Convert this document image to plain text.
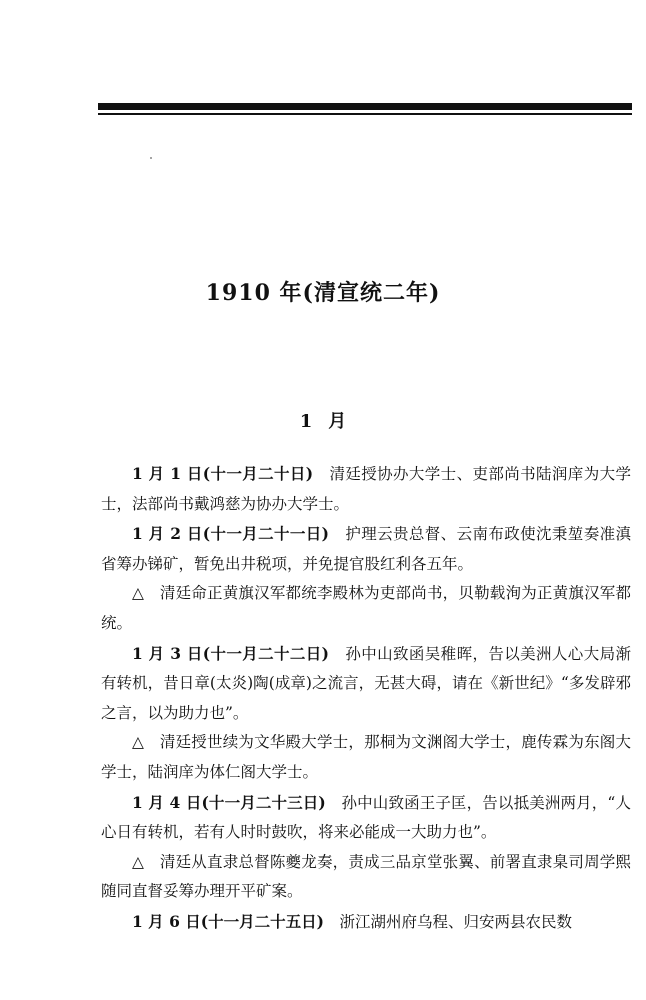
1910 年(清宣统二年)
1 月

1 月 1 日(十一月二十日) 清廷授协办大学士、吏部尚书陆润庠为大学士，法部尚书戴鸿慈为协办大学士。

1 月 2 日(十一月二十一日) 护理云贵总督、云南布政使沈秉堃奏准滇省筹办锑矿，暂免出井税项，并免提官股红利各五年。

△ 清廷命正黄旗汉军都统李殿林为吏部尚书，贝勒载洵为正黄旗汉军都统。

1 月 3 日(十一月二十二日) 孙中山致函吴稚晖，告以美洲人心大局渐有转机，昔日章(太炎)陶(成章)之流言，无甚大碍，请在《新世纪》“多发辟邪之言，以为助力也”。

△ 清廷授世续为文华殿大学士，那桐为文渊阁大学士，鹿传霖为东阁大学士，陆润庠为体仁阁大学士。

1 月 4 日(十一月二十三日) 孙中山致函王子匡，告以抵美洲两月，“人心日有转机，若有人时时鼓吹，将来必能成一大助力也”。

△ 清廷从直隶总督陈夔龙奏，责成三品京堂张翼、前署直隶臬司周学熙随同直督妥筹办理开平矿案。

1 月 6 日(十一月二十五日) 浙江湖州府乌程、归安两县农民数
